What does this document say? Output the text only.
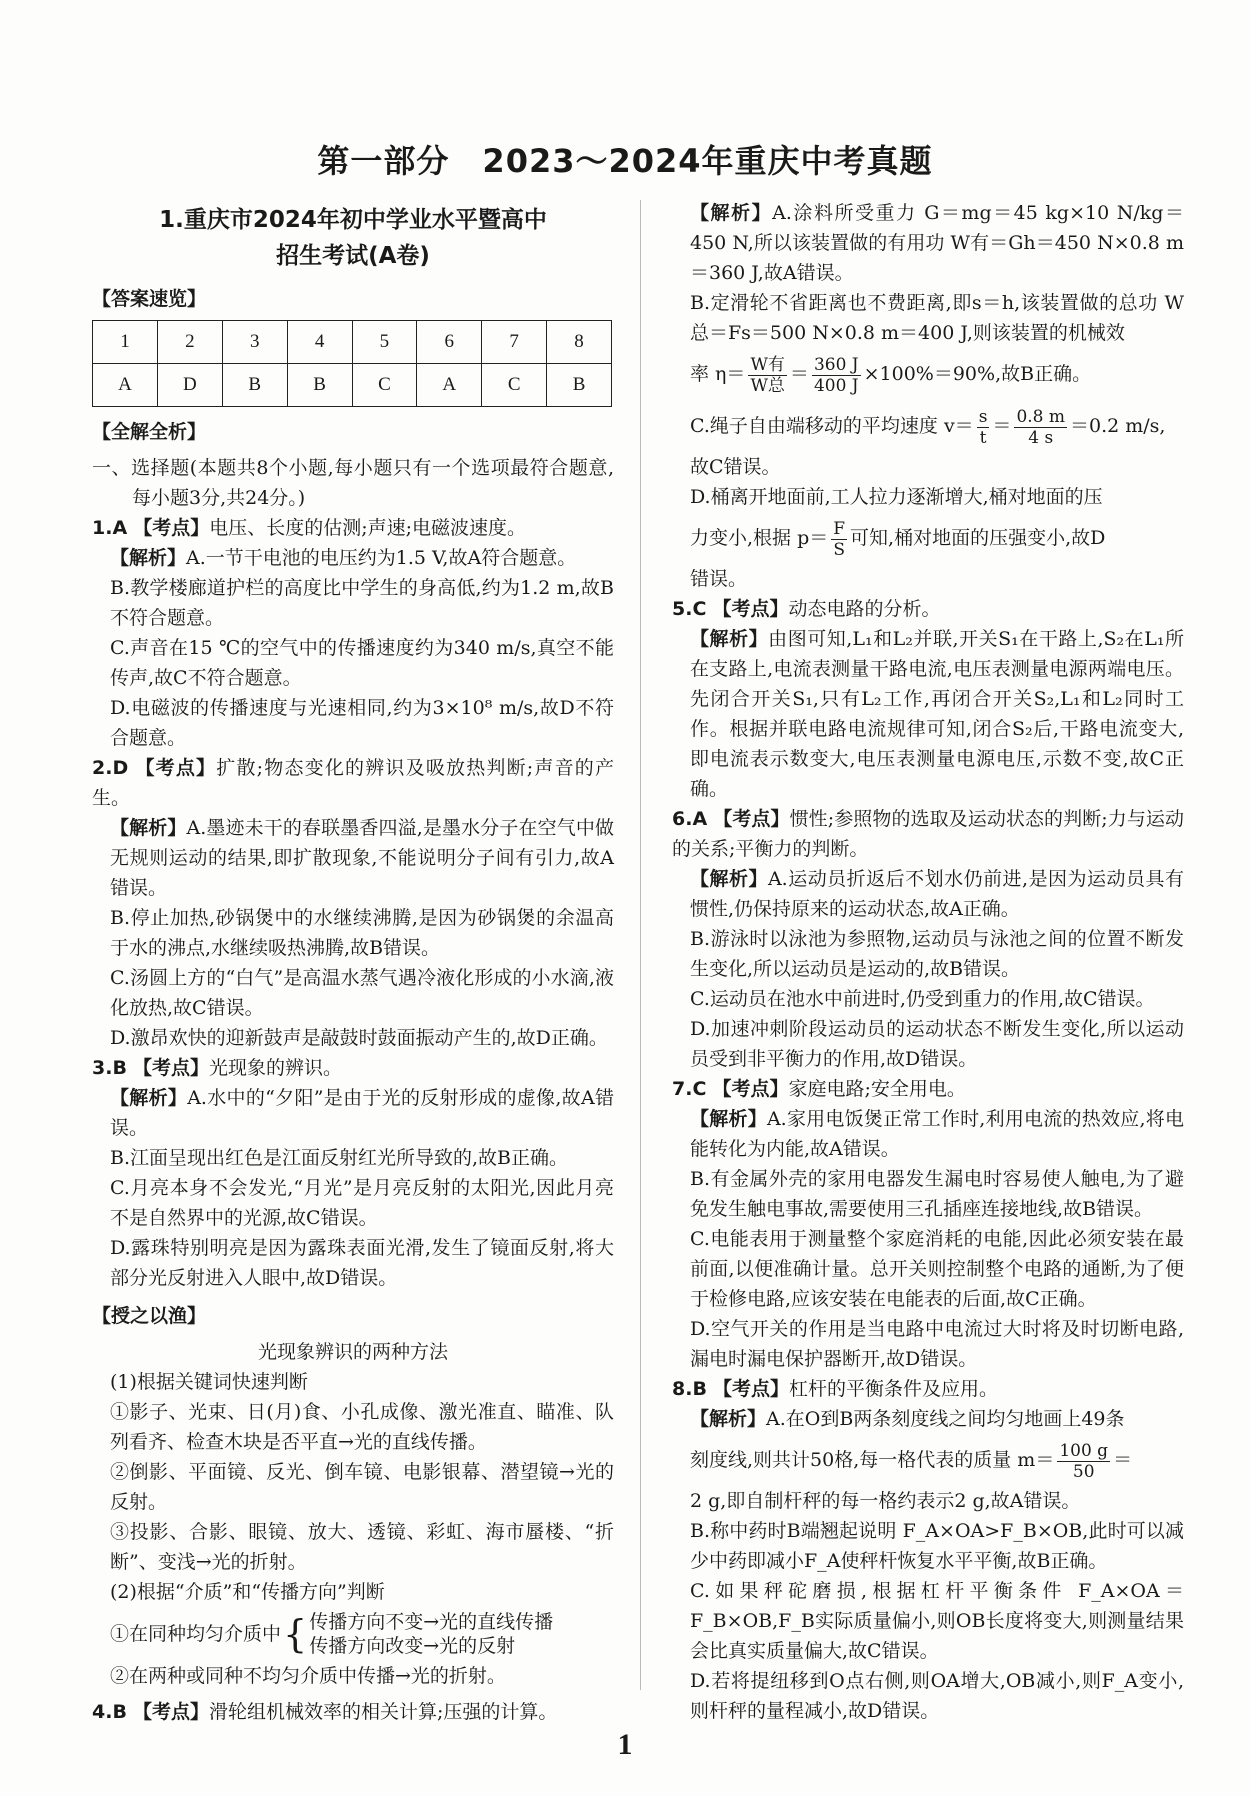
第一部分　2023～2024年重庆中考真题
1.重庆市2024年初中学业水平暨高中
招生考试(A卷)
【答案速览】
1	2	3	4	5	6	7	8
A	D	B	B	C	A	C	B
【全解全析】

一、选择题(本题共8个小题,每小题只有一个选项最符合题意,每小题3分,共24分。)

1.A 【考点】电压、长度的估测;声速;电磁波速度。

【解析】A.一节干电池的电压约为1.5 V,故A符合题意。

B.教学楼廊道护栏的高度比中学生的身高低,约为1.2 m,故B不符合题意。

C.声音在15 ℃的空气中的传播速度约为340 m/s,真空不能传声,故C不符合题意。

D.电磁波的传播速度与光速相同,约为3×10⁸ m/s,故D不符合题意。

2.D 【考点】扩散;物态变化的辨识及吸放热判断;声音的产生。

【解析】A.墨迹未干的春联墨香四溢,是墨水分子在空气中做无规则运动的结果,即扩散现象,不能说明分子间有引力,故A错误。

B.停止加热,砂锅煲中的水继续沸腾,是因为砂锅煲的余温高于水的沸点,水继续吸热沸腾,故B错误。

C.汤圆上方的“白气”是高温水蒸气遇冷液化形成的小水滴,液化放热,故C错误。

D.激昂欢快的迎新鼓声是敲鼓时鼓面振动产生的,故D正确。

3.B 【考点】光现象的辨识。

【解析】A.水中的“夕阳”是由于光的反射形成的虚像,故A错误。

B.江面呈现出红色是江面反射红光所导致的,故B正确。

C.月亮本身不会发光,“月光”是月亮反射的太阳光,因此月亮不是自然界中的光源,故C错误。

D.露珠特别明亮是因为露珠表面光滑,发生了镜面反射,将大部分光反射进入人眼中,故D错误。

【授之以渔】

光现象辨识的两种方法

(1)根据关键词快速判断

①影子、光束、日(月)食、小孔成像、激光准直、瞄准、队列看齐、检查木块是否平直→光的直线传播。

②倒影、平面镜、反光、倒车镜、电影银幕、潜望镜→光的反射。

③投影、合影、眼镜、放大、透镜、彩虹、海市蜃楼、“折断”、变浅→光的折射。

(2)根据“介质”和“传播方向”判断

①在同种均匀介质中 { 传播方向不变→光的直线传播
传播方向改变→光的反射

②在两种或同种不均匀介质中传播→光的折射。

4.B 【考点】滑轮组机械效率的相关计算;压强的计算。

【解析】A.涂料所受重力 G＝mg＝45 kg×10 N/kg＝450 N,所以该装置做的有用功 W有＝Gh＝450 N×0.8 m＝360 J,故A错误。

B.定滑轮不省距离也不费距离,即s＝h,该装置做的总功 W总＝Fs＝500 N×0.8 m＝400 J,则该装置的机械效

率 $\eta= \frac{\text{W有}}{\text{W总}} = \frac{360 J}{400 J} \times 100\%=90\%$,故B正确。

C.绳子自由端移动的平均速度 $v= \frac{s}{t} = \frac{0.8 m}{4 s} =0.2$ m/s,

故C错误。

D.桶离开地面前,工人拉力逐渐增大,桶对地面的压

力变小,根据 $p= \frac{F}{S}$ 可知,桶对地面的压强变小,故D

错误。

5.C 【考点】动态电路的分析。

【解析】由图可知,L₁和L₂并联,开关S₁在干路上,S₂在L₁所在支路上,电流表测量干路电流,电压表测量电源两端电压。先闭合开关S₁,只有L₂工作,再闭合开关S₂,L₁和L₂同时工作。根据并联电路电流规律可知,闭合S₂后,干路电流变大,即电流表示数变大,电压表测量电源电压,示数不变,故C正确。

6.A 【考点】惯性;参照物的选取及运动状态的判断;力与运动的关系;平衡力的判断。

【解析】A.运动员折返后不划水仍前进,是因为运动员具有惯性,仍保持原来的运动状态,故A正确。

B.游泳时以泳池为参照物,运动员与泳池之间的位置不断发生变化,所以运动员是运动的,故B错误。

C.运动员在池水中前进时,仍受到重力的作用,故C错误。

D.加速冲刺阶段运动员的运动状态不断发生变化,所以运动员受到非平衡力的作用,故D错误。

7.C 【考点】家庭电路;安全用电。

【解析】A.家用电饭煲正常工作时,利用电流的热效应,将电能转化为内能,故A错误。

B.有金属外壳的家用电器发生漏电时容易使人触电,为了避免发生触电事故,需要使用三孔插座连接地线,故B错误。

C.电能表用于测量整个家庭消耗的电能,因此必须安装在最前面,以便准确计量。总开关则控制整个电路的通断,为了便于检修电路,应该安装在电能表的后面,故C正确。

D.空气开关的作用是当电路中电流过大时将及时切断电路,漏电时漏电保护器断开,故D错误。

8.B 【考点】杠杆的平衡条件及应用。

【解析】A.在O到B两条刻度线之间均匀地画上49条

刻度线,则共计50格,每一格代表的质量 $m= \frac{100 g}{50}$ ＝

2 g,即自制杆秤的每一格约表示2 g,故A错误。

B.称中药时B端翘起说明 F_A×OA>F_B×OB,此时可以减少中药即减小F_A使秤杆恢复水平平衡,故B正确。

C.如果秤砣磨损,根据杠杆平衡条件 F_A×OA＝F_B×OB,F_B实际质量偏小,则OB长度将变大,则测量结果会比真实质量偏大,故C错误。

D.若将提纽移到O点右侧,则OA增大,OB减小,则F_A变小,则杆秤的量程减小,故D错误。

1
